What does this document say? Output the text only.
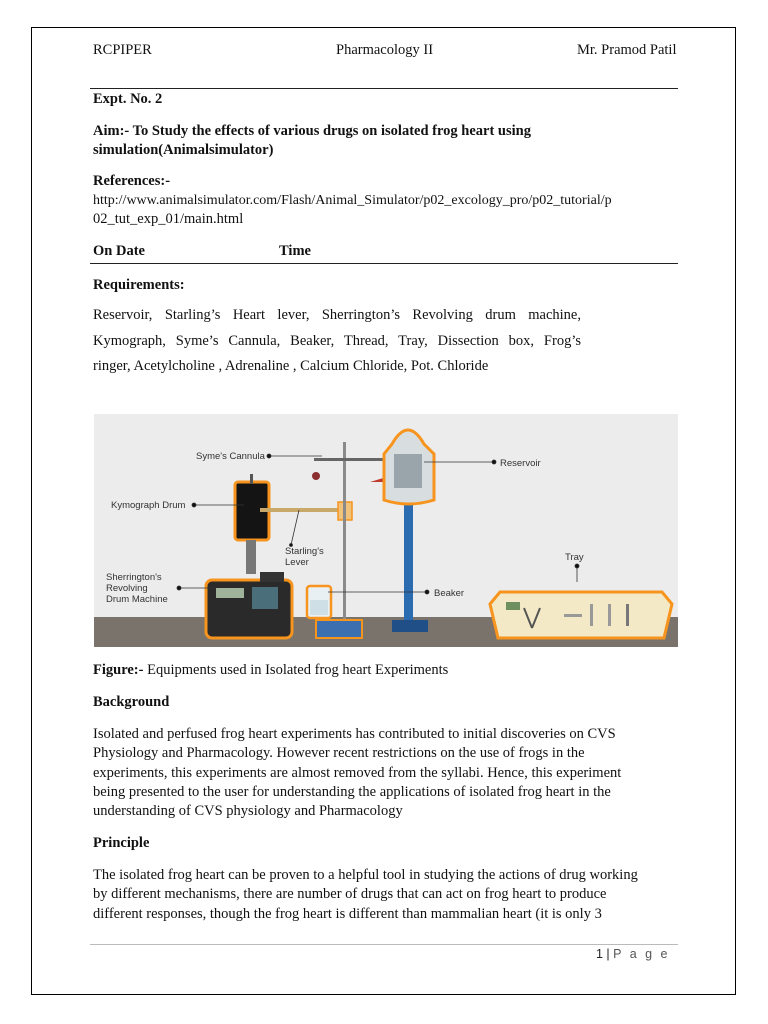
RCPIPER	Pharmacology II	Mr. Pramod Patil
Expt. No. 2
Aim:- To Study the effects of various drugs on isolated frog heart using
simulation(Animalsimulator)
References:-
http://www.animalsimulator.com/Flash/Animal_Simulator/p02_excology_pro/p02_tutorial/p
02_tut_exp_01/main.html
On Date	Time
Requirements:
Reservoir, Starling’s Heart lever, Sherrington’s Revolving drum machine,
Kymograph, Syme’s Cannula, Beaker, Thread, Tray, Dissection box, Frog’s
ringer, Acetylcholine , Adrenaline , Calcium Chloride, Pot. Chloride
Syme's Cannula
Kymograph Drum
Starling's
Lever
Sherrington's
Revolving
Drum Machine
Reservoir
Beaker
Tray
Figure:- Equipments used in Isolated frog heart Experiments
Background
Isolated and perfused frog heart experiments has contributed to initial discoveries on CVS
Physiology and Pharmacology. However recent restrictions on the use of frogs in the
experiments, this experiments are almost removed from the syllabi. Hence, this experiment
being presented to the user for understanding the applications of isolated frog heart in the
understanding of CVS physiology and Pharmacology
Principle
The isolated frog heart can be proven to a helpful tool in studying the actions of drug working
by different mechanisms, there are number of drugs that can act on frog heart to produce
different responses, though the frog heart is different than mammalian heart (it is only 3
1 | P a g e
